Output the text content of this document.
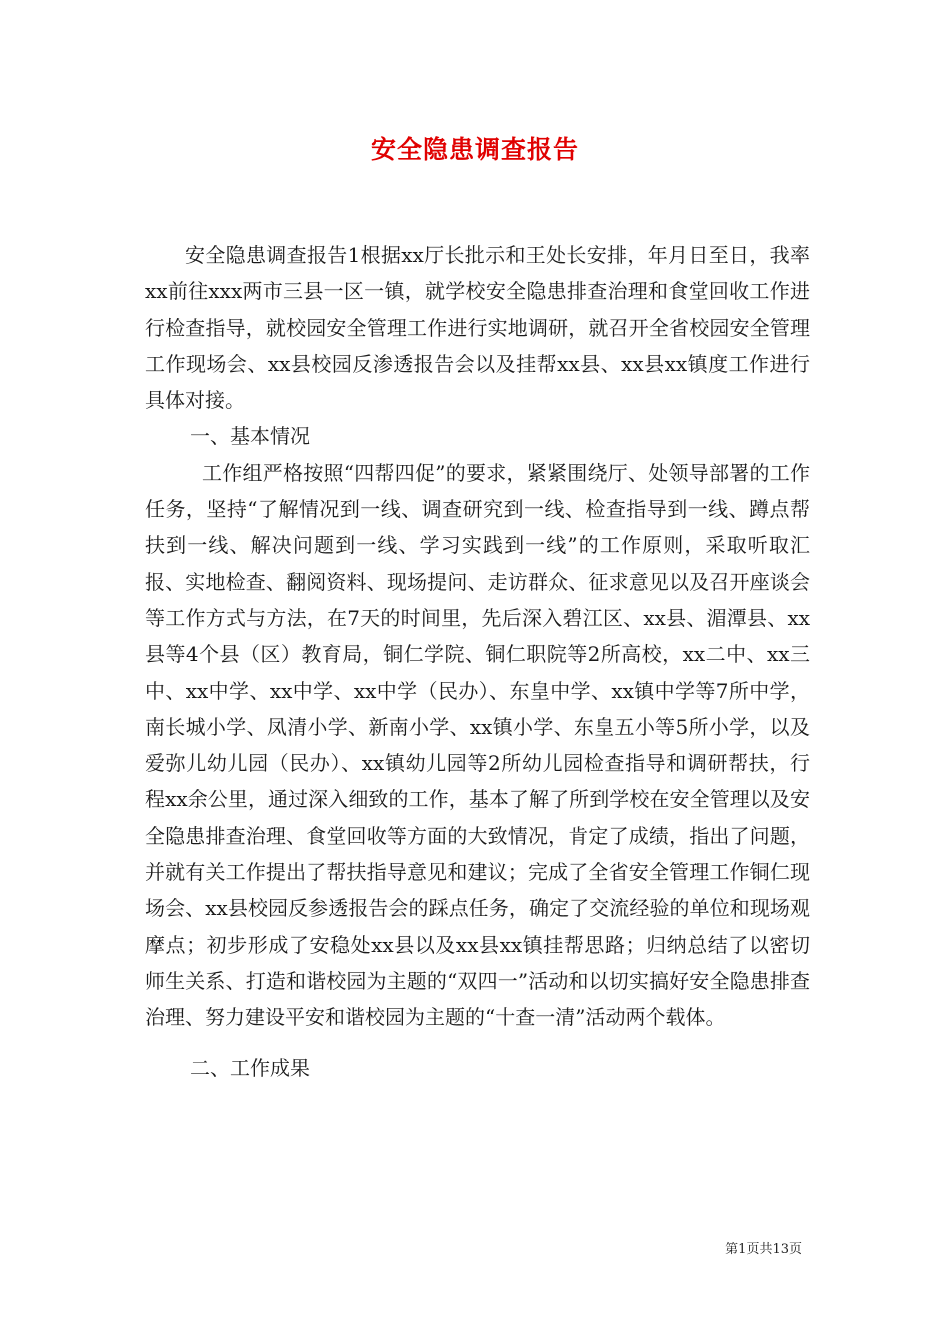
安全隐患调查报告

安全隐患调查报告1根据xx厅长批示和王处长安排，年月日至日，我率xx前往xxx两市三县一区一镇，就学校安全隐患排查治理和食堂回收工作进行检查指导，就校园安全管理工作进行实地调研，就召开全省校园安全管理工作现场会、xx县校园反渗透报告会以及挂帮xx县、xx县xx镇度工作进行具体对接。

一、基本情况

工作组严格按照“四帮四促”的要求，紧紧围绕厅、处领导部署的工作任务，坚持“了解情况到一线、调查研究到一线、检查指导到一线、蹲点帮扶到一线、解决问题到一线、学习实践到一线”的工作原则，采取听取汇报、实地检查、翻阅资料、现场提问、走访群众、征求意见以及召开座谈会等工作方式与方法，在7天的时间里，先后深入碧江区、xx县、湄潭县、xx县等4个县（区）教育局，铜仁学院、铜仁职院等2所高校，xx二中、xx三中、xx中学、xx中学、xx中学（民办）、东皇中学、xx镇中学等7所中学，南长城小学、凤清小学、新南小学、xx镇小学、东皇五小等5所小学，以及爱弥儿幼儿园（民办）、xx镇幼儿园等2所幼儿园检查指导和调研帮扶，行程xx余公里，通过深入细致的工作，基本了解了所到学校在安全管理以及安全隐患排查治理、食堂回收等方面的大致情况，肯定了成绩，指出了问题，并就有关工作提出了帮扶指导意见和建议；完成了全省安全管理工作铜仁现场会、xx县校园反参透报告会的踩点任务，确定了交流经验的单位和现场观摩点；初步形成了安稳处xx县以及xx县xx镇挂帮思路；归纳总结了以密切师生关系、打造和谐校园为主题的“双四一”活动和以切实搞好安全隐患排查治理、努力建设平安和谐校园为主题的“十查一清”活动两个载体。

二、工作成果

第1页共13页
